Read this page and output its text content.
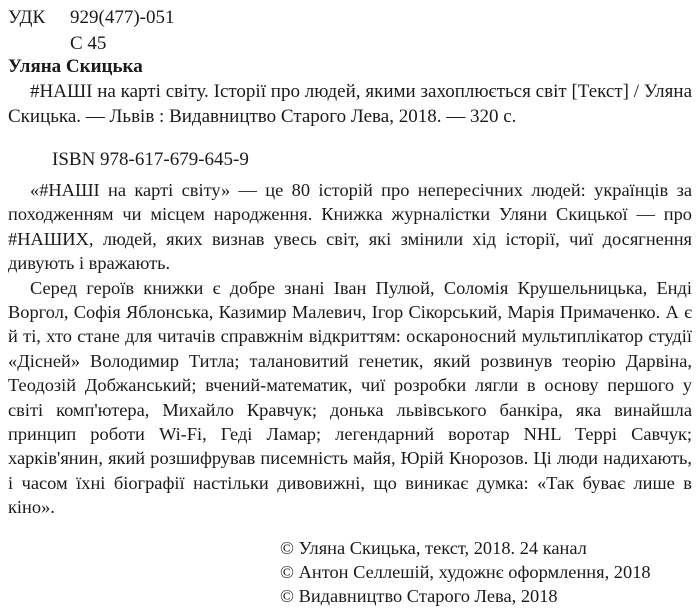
УДК 929(477)-051
С 45
Уляна Скицька

#НАШІ на карті світу. Історії про людей, якими захоплюється світ [Текст] / Уляна Скицька. — Львів : Видавництво Старого Лева, 2018. — 320 с.

ISBN 978-617-679-645-9

«#НАШІ на карті світу» — це 80 історій про непересічних людей: українців за походженням чи місцем народження. Книжка журналістки Уляни Скицької — про #НАШИХ, людей, яких визнав увесь світ, які змінили хід історії, чиї досягнення дивують і вражають.

Серед героїв книжки є добре знані Іван Пулюй, Соломія Крушельницька, Енді Воргол, Софія Яблонська, Казимир Малевич, Ігор Сікорський, Марія Примаченко. А є й ті, хто стане для читачів справжнім відкриттям: оскароносний мультиплікатор студії «Дісней» Володимир Титла; талановитий генетик, який розвинув теорію Дарвіна, Теодозій Добжанський; вчений-математик, чиї розробки лягли в основу першого у світі комп'ютера, Михайло Кравчук; донька львівського банкіра, яка винайшла принцип роботи Wi-Fi, Геді Ламар; легендарний воротар NHL Террі Савчук; харків'янин, який розшифрував писемність майя, Юрій Кнорозов. Ці люди надихають, і часом їхні біографії настільки дивовижні, що виникає думка: «Так буває лише в кіно».

© Уляна Скицька, текст, 2018. 24 канал
© Антон Селлешій, художнє оформлення, 2018
© Видавництво Старого Лева, 2018
